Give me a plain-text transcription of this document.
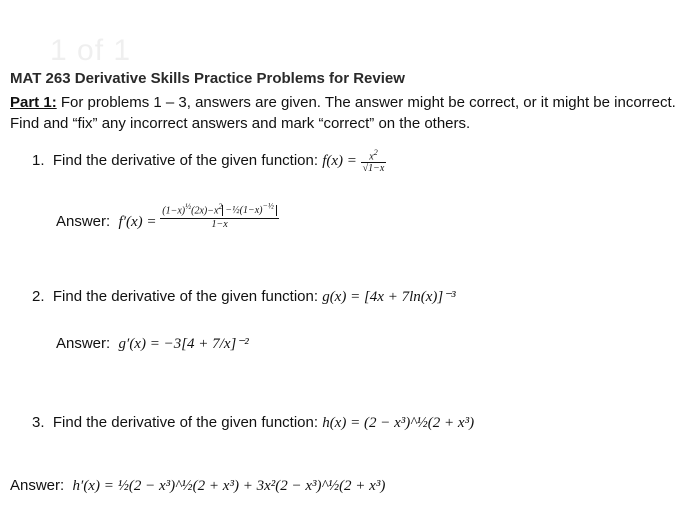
1 of 1
MAT 263 Derivative Skills Practice Problems for Review
Part 1: For problems 1 – 3, answers are given. The answer might be correct, or it might be incorrect.
Find and “fix” any incorrect answers and mark “correct” on the others.
1. Find the derivative of the given function: $f(x) = \frac{x^2}{√1-x}$
Answer: $f'(x) = \frac{(1-x)^{\frac{1}{2}}(2x)-x^2 -\frac{1}{2}(1-x)^{-\frac{1}{2}}}{1-x}$
2. Find the derivative of the given function: g(x) = [4x + 7ln(x)]⁻³
Answer: g′(x) = −3[4 + 7/x]⁻²
3. Find the derivative of the given function: h(x) = (2 − x³)^½(2 + x³)
Answer: h′(x) = ½(2 − x³)^½(2 + x³) + 3x²(2 − x³)^½(2 + x³)
